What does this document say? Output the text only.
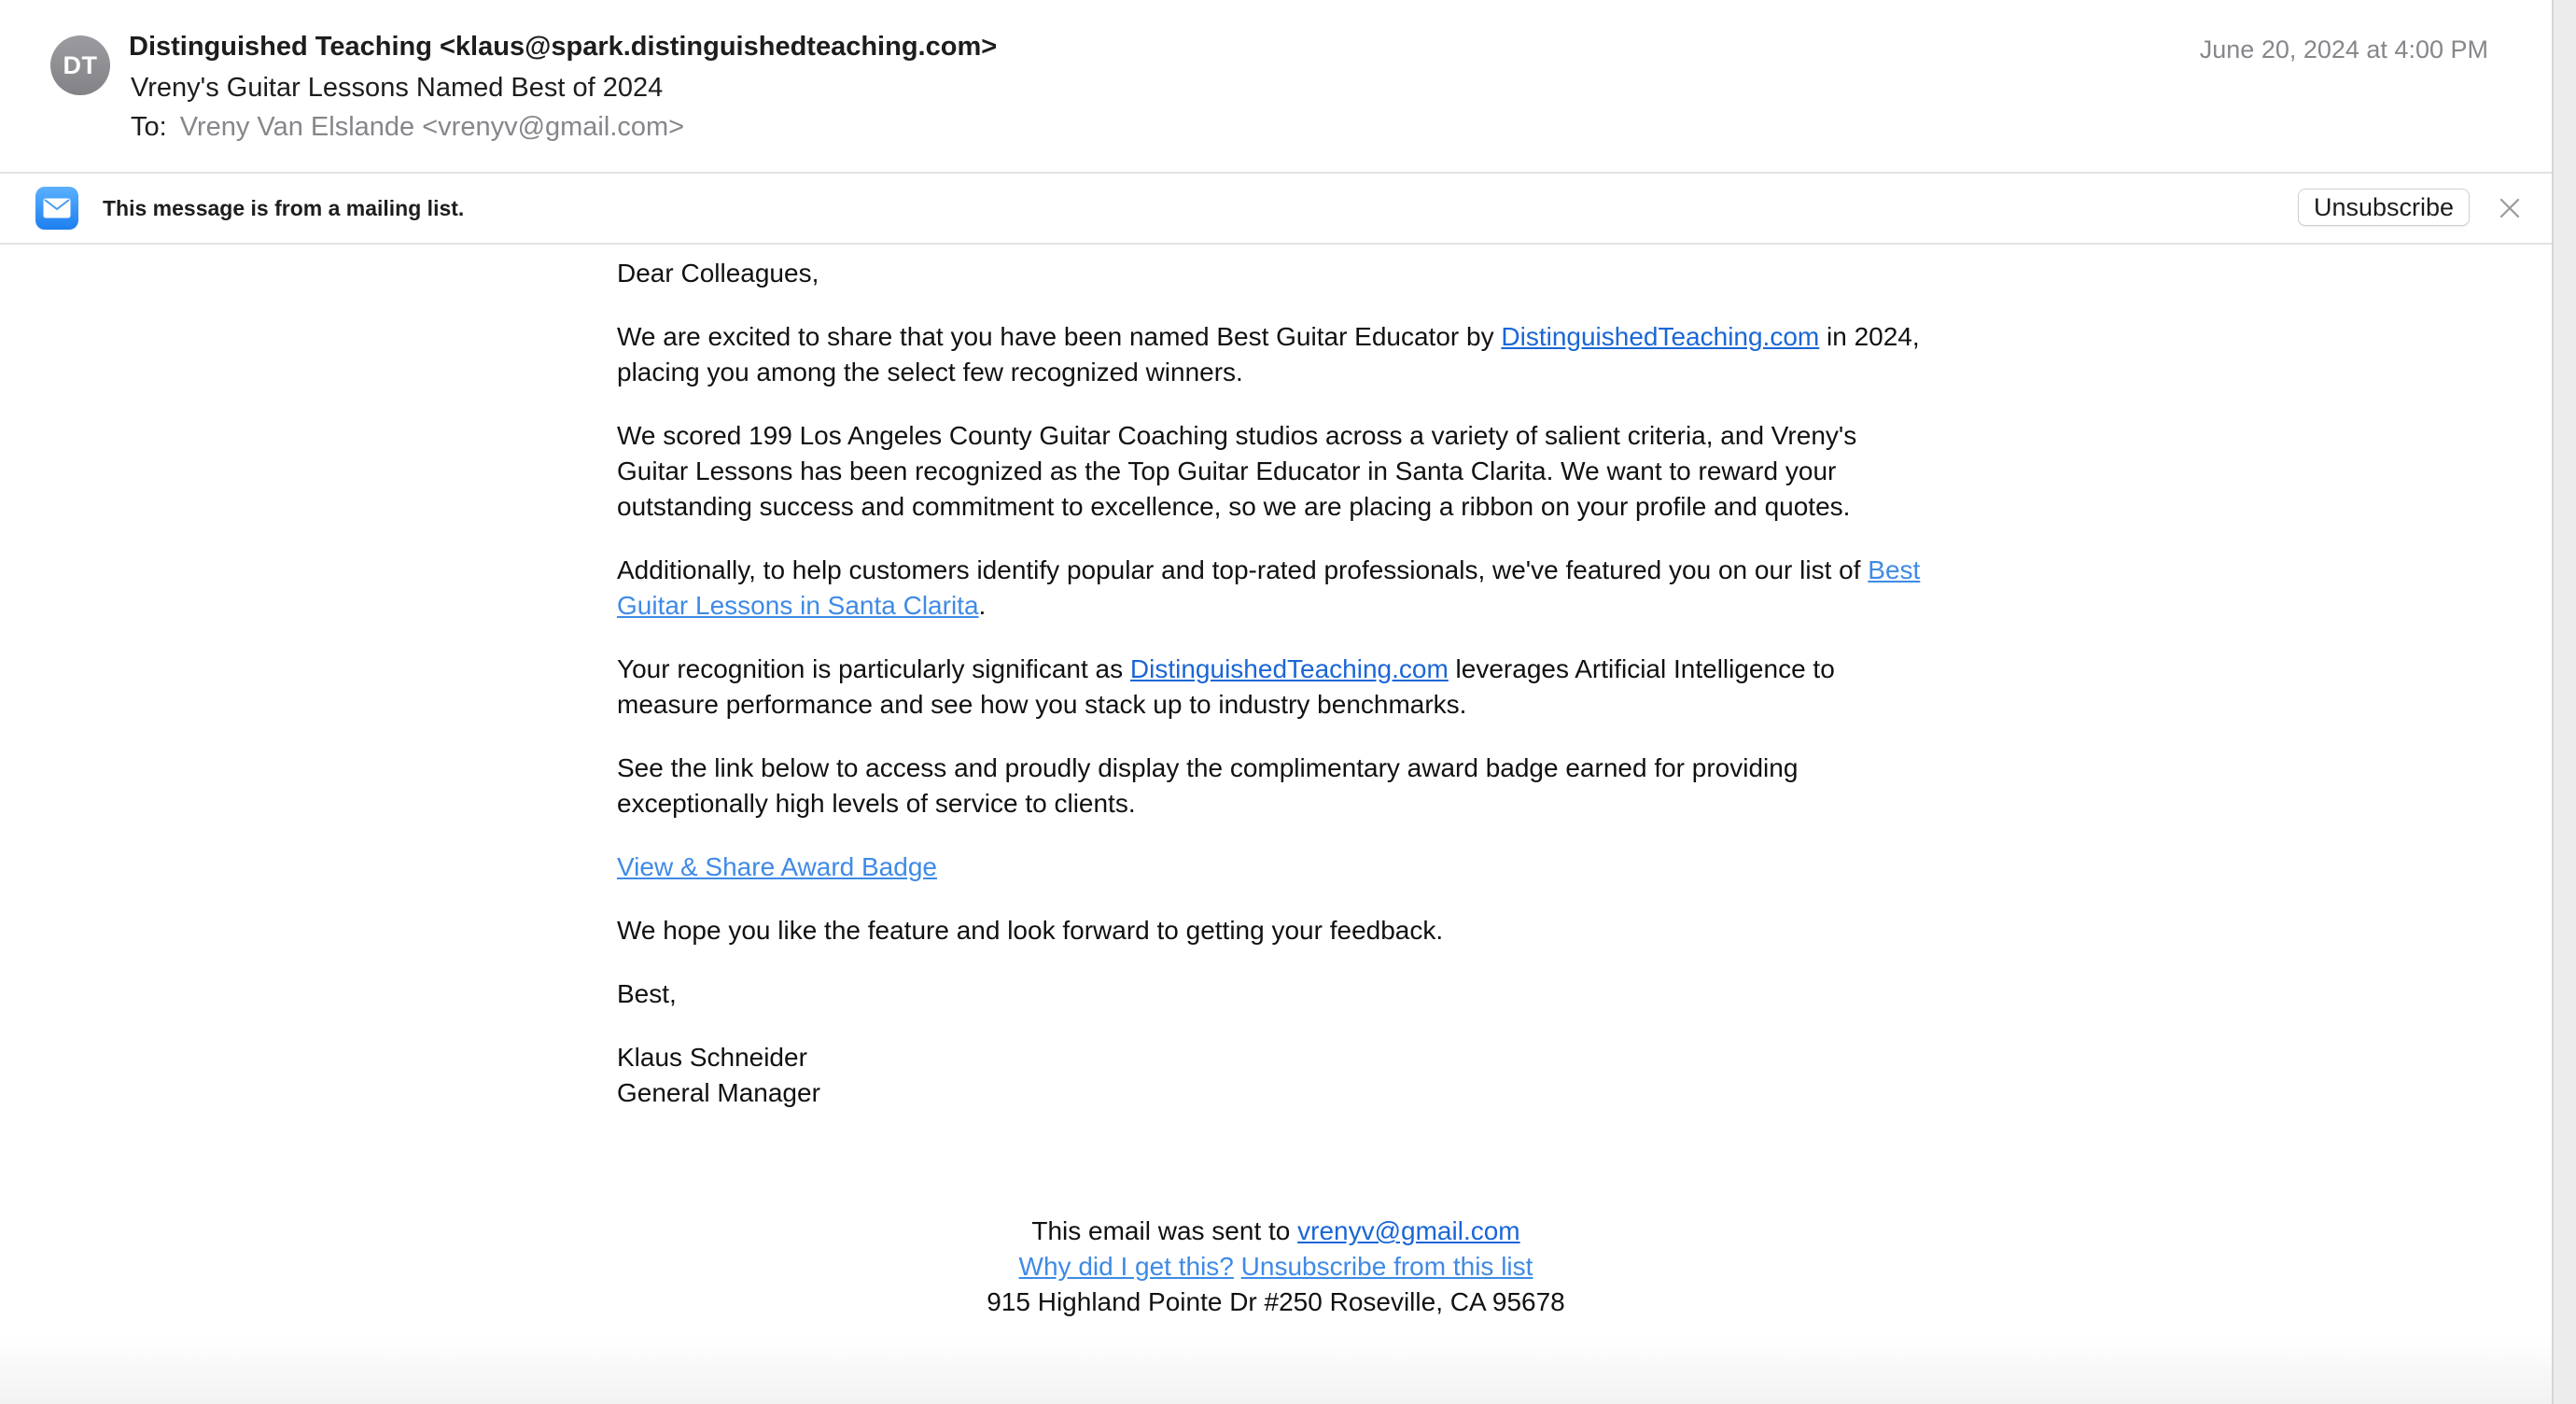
DT
Distinguished Teaching <klaus@spark.distinguishedteaching.com>
Vreny's Guitar Lessons Named Best of 2024
To: Vreny Van Elslande <vrenyv@gmail.com>
June 20, 2024 at 4:00 PM
This message is from a mailing list.	Unsubscribe

Dear Colleagues,

We are excited to share that you have been named Best Guitar Educator by DistinguishedTeaching.com in 2024, placing you among the select few recognized winners.

We scored 199 Los Angeles County Guitar Coaching studios across a variety of salient criteria, and Vreny's Guitar Lessons has been recognized as the Top Guitar Educator in Santa Clarita. We want to reward your outstanding success and commitment to excellence, so we are placing a ribbon on your profile and quotes.

Additionally, to help customers identify popular and top-rated professionals, we've featured you on our list of Best Guitar Lessons in Santa Clarita.

Your recognition is particularly significant as DistinguishedTeaching.com leverages Artificial Intelligence to measure performance and see how you stack up to industry benchmarks.

See the link below to access and proudly display the complimentary award badge earned for providing exceptionally high levels of service to clients.

View & Share Award Badge

We hope you like the feature and look forward to getting your feedback.

Best,

Klaus Schneider
General Manager

This email was sent to vrenyv@gmail.com
Why did I get this? Unsubscribe from this list
915 Highland Pointe Dr #250 Roseville, CA 95678
